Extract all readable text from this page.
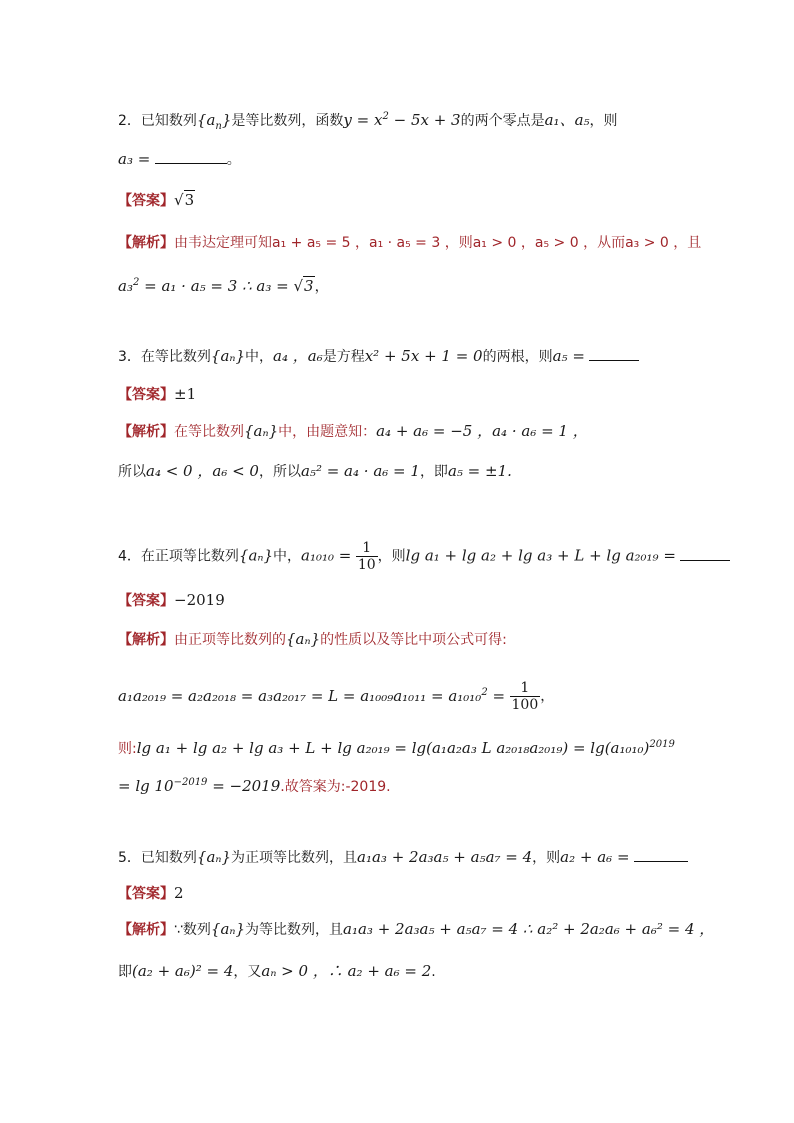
2．已知数列$\{a_n\}$是等比数列，函数$y = x^2 - 5x + 3$的两个零点是a₁、a₅，则
a₃ =	。
【答案】√3
【解析】由韦达定理可知a₁ + a₅ = 5 ，a₁ · a₅ = 3 ，则a₁ > 0 ，a₅ > 0 ，从而a₃ > 0 ，且
a₃$^2$ = a₁ · a₅ = 3 ∴ a₃ = √3，
3．在等比数列{aₙ}中，a₄ ，a₆是方程x² + 5x + 1 = 0的两根，则a₅ =
【答案】±1
【解析】在等比数列{aₙ}中，由题意知：a₄ + a₆ = −5 ，a₄ · a₆ = 1 ，
所以a₄ < 0 ，a₆ < 0，所以a₅² = a₄ · a₆ = 1，即a₅ = ±1.
4．在正项等比数列{aₙ}中，$a_{1010} = \frac{1}{10}$ ，则lg a₁ + lg a₂ + lg a₃ + L + lg a₂₀₁₉ =
【答案】−2019
【解析】由正项等比数列的{aₙ}的性质以及等比中项公式可得:
$a_1a_{2019} = a_2a_{2018} = a_3a_{2017} = L = a_{1009}a_{1011} = a_{1010}^2 = \frac{1}{100}$ ，
则:lg a₁ + lg a₂ + lg a₃ + L + lg a₂₀₁₉ = lg(a₁a₂a₃ L $a_{2018}a_{2019}) = \lg(a_{1010})^{2019}$
= $\lg 10^{-2019} = -2019$.故答案为:-2019.
5．已知数列{aₙ}为正项等比数列，且a₁a₃ + 2a₃a₅ + a₅a₇ = 4，则a₂ + a₆ =
【答案】2
【解析】∵数列{aₙ}为等比数列，且a₁a₃ + 2a₃a₅ + a₅a₇ = 4 ∴ a₂² + 2a₂a₆ + a₆² = 4 ，
即(a₂ + a₆)² = 4，又aₙ > 0 ，∴ a₂ + a₆ = 2.
